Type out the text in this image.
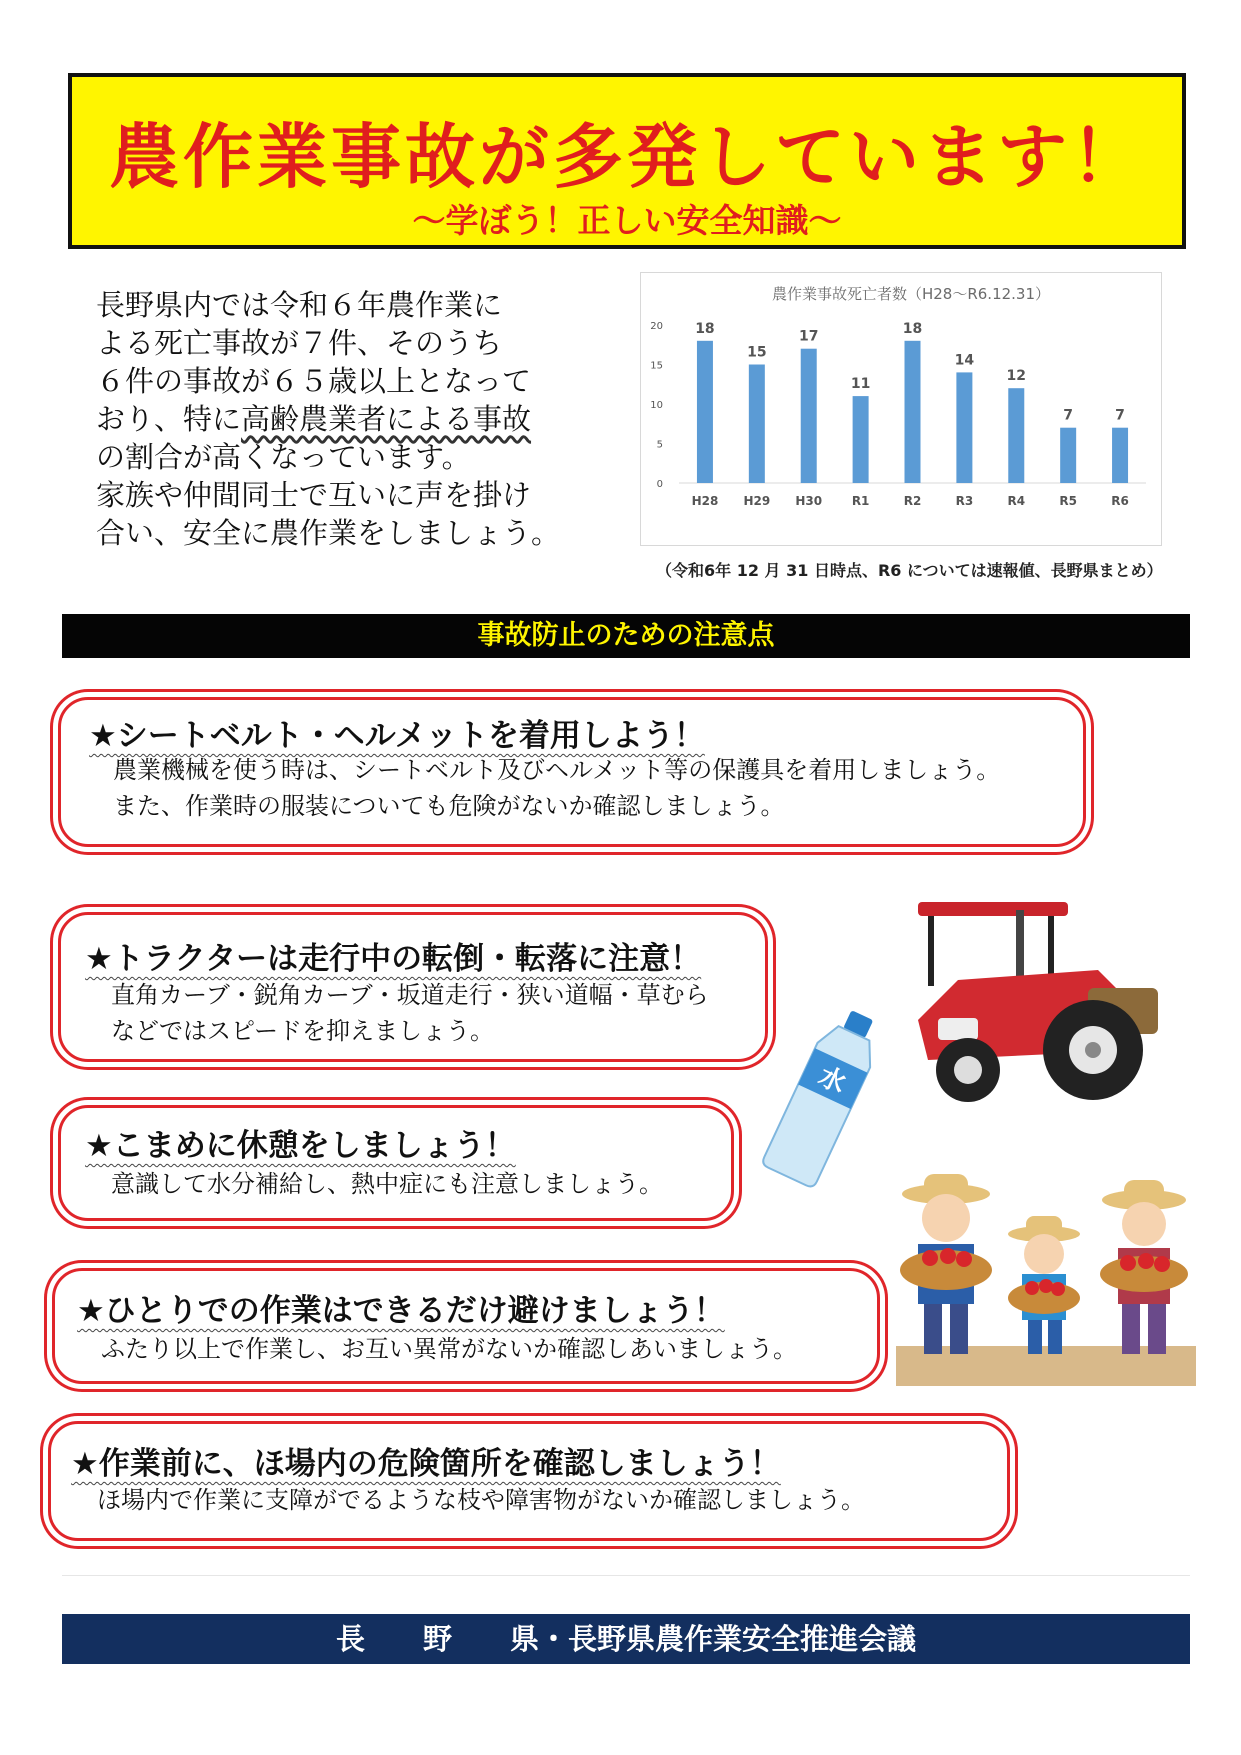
農作業事故が多発しています！
～学ぼう！正しい安全知識～

長野県内では令和６年農作業に

よる死亡事故が７件、そのうち

６件の事故が６５歳以上となって

おり、特に高齢農業者による事故

の割合が高くなっています。

家族や仲間同士で互いに声を掛け

合い、安全に農作業をしましょう。

農作業事故死亡者数（H28～R6.12.31）
0
5
10
15
20 18
H28
15
H29
17
H30
11
R1
18
R2
14
R3
12
R4
7
R5
7
R6
（令和6年 12 月 31 日時点、R6 については速報値、長野県まとめ）
事故防止のための注意点
★シートベルト・ヘルメットを着用しよう！

農業機械を使う時は、シートベルト及びヘルメット等の保護具を着用しましょう。

また、作業時の服装についても危険がないか確認しましょう。

★トラクターは走行中の転倒・転落に注意！

直角カーブ・鋭角カーブ・坂道走行・狭い道幅・草むら

などではスピードを抑えましょう。

★こまめに休憩をしましょう！

意識して水分補給し、熱中症にも注意しましょう。

★ひとりでの作業はできるだけ避けましょう！

ふたり以上で作業し、お互い異常がないか確認しあいましょう。

★作業前に、ほ場内の危険箇所を確認しましょう！

ほ場内で作業に支障がでるような枝や障害物がないか確認しましょう。

水
長　　野　　県・長野県農作業安全推進会議
